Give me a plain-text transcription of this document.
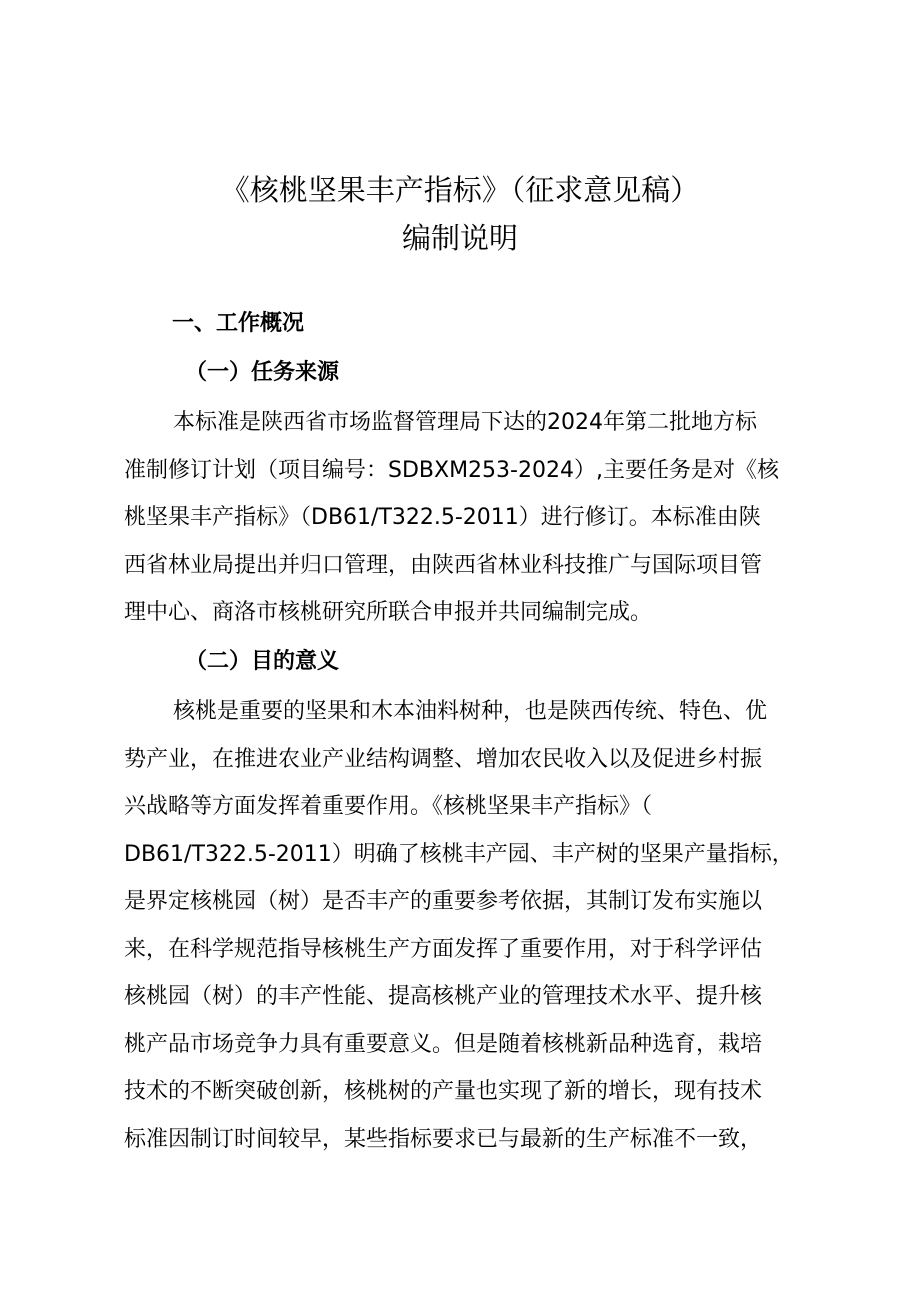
《核桃坚果丰产指标》（征求意见稿）
编制说明
一、工作概况
（一）任务来源
本标准是陕西省市场监督管理局下达的2024年第二批地方标
准制修订计划（项目编号：SDBXM253-2024）,主要任务是对《核
桃坚果丰产指标》（DB61/T322.5-2011）进行修订。本标准由陕
西省林业局提出并归口管理，由陕西省林业科技推广与国际项目管
理中心、商洛市核桃研究所联合申报并共同编制完成。
（二）目的意义
核桃是重要的坚果和木本油料树种，也是陕西传统、特色、优
势产业，在推进农业产业结构调整、增加农民收入以及促进乡村振
兴战略等方面发挥着重要作用。《核桃坚果丰产指标》（
DB61/T322.5-2011）明确了核桃丰产园、丰产树的坚果产量指标，
是界定核桃园（树）是否丰产的重要参考依据，其制订发布实施以
来，在科学规范指导核桃生产方面发挥了重要作用，对于科学评估
核桃园（树）的丰产性能、提高核桃产业的管理技术水平、提升核
桃产品市场竞争力具有重要意义。但是随着核桃新品种选育，栽培
技术的不断突破创新，核桃树的产量也实现了新的增长，现有技术
标准因制订时间较早，某些指标要求已与最新的生产标准不一致，
